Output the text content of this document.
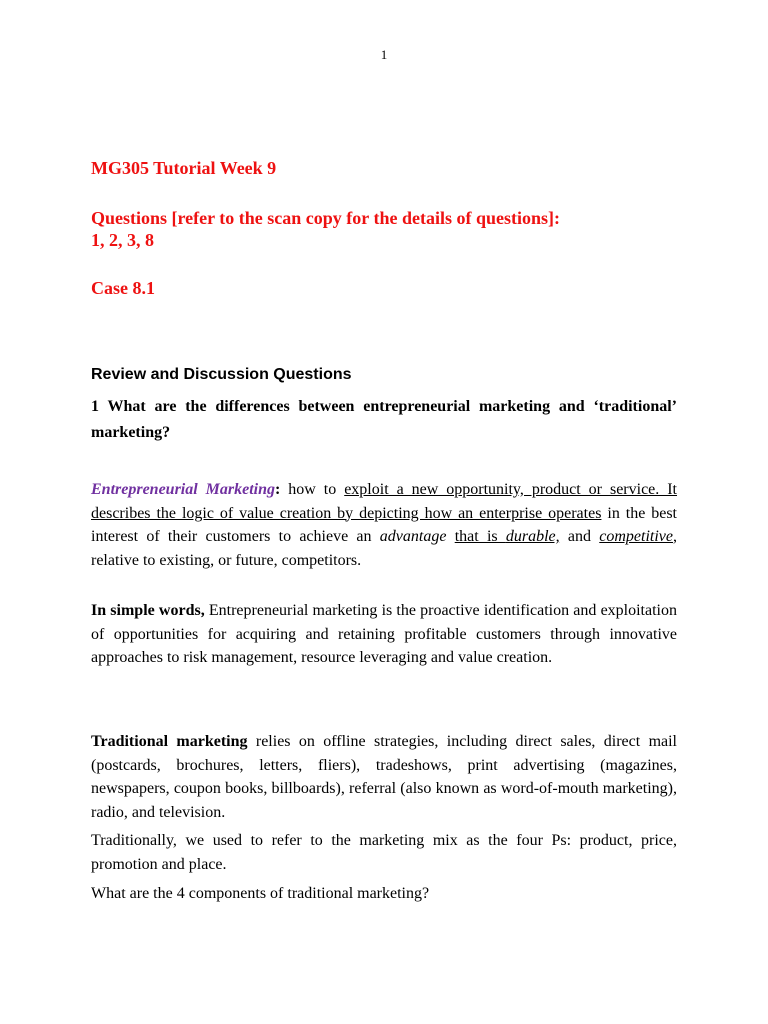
1
MG305 Tutorial Week 9
Questions [refer to the scan copy for the details of questions]:
1, 2, 3, 8
Case 8.1
Review and Discussion Questions

1 What are the differences between entrepreneurial marketing and ‘traditional’ marketing?

Entrepreneurial Marketing: how to exploit a new opportunity, product or service. It describes the logic of value creation by depicting how an enterprise operates in the best interest of their customers to achieve an advantage that is durable, and competitive, relative to existing, or future, competitors.

In simple words, Entrepreneurial marketing is the proactive identification and exploitation of opportunities for acquiring and retaining profitable customers through innovative approaches to risk management, resource leveraging and value creation.

Traditional marketing relies on offline strategies, including direct sales, direct mail (postcards, brochures, letters, fliers), tradeshows, print advertising (magazines, newspapers, coupon books, billboards), referral (also known as word-of-mouth marketing), radio, and television.

Traditionally, we used to refer to the marketing mix as the four Ps: product, price, promotion and place.

What are the 4 components of traditional marketing?
